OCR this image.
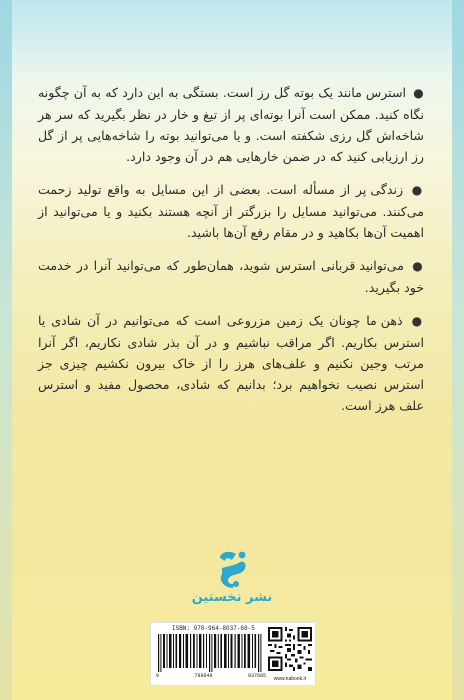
● استرس مانند یک بوته گل رز است. بستگی به این دارد که به آن چگونه نگاه کنید. ممکن است آنرا بوته‌ای پر از تیغ و خار در نظر بگیرید که سر هر شاخه‌اش گل رزی شکفته است. و یا می‌توانید بوته را شاخه‌هایی پر از گل رز ارزیابی کنید که در ضمن خارهایی هم در آن وجود دارد.

● زندگی پر از مسأله است. بعضی از این مسایل به واقع تولید زحمت می‌کنند. می‌توانید مسایل را بزرگتر از آنچه هستند بکنید و یا می‌توانید از اهمیت آن‌ها بکاهید و در مقام رفع آن‌ها باشید.

● می‌توانید قربانی استرس شوید، همان‌طور که می‌توانید آنرا در خدمت خود بگیرید.

● ذهن ما چونان یک زمین مزروعی است که می‌توانیم در آن شادی یا استرس بکاریم. اگر مراقب نباشیم و در آن بذر شادی نکاریم، اگر آنرا مرتب وجین نکنیم و علف‌های هرز را از خاک بیرون نکشیم چیزی جز استرس نصیب نخواهیم برد؛ بدانیم که شادی، محصول مفید و استرس علف هرز است.

نشر نخستین
ISBN: 978-964-8037-68-5
9	789648	037685	www.nabook.ir
